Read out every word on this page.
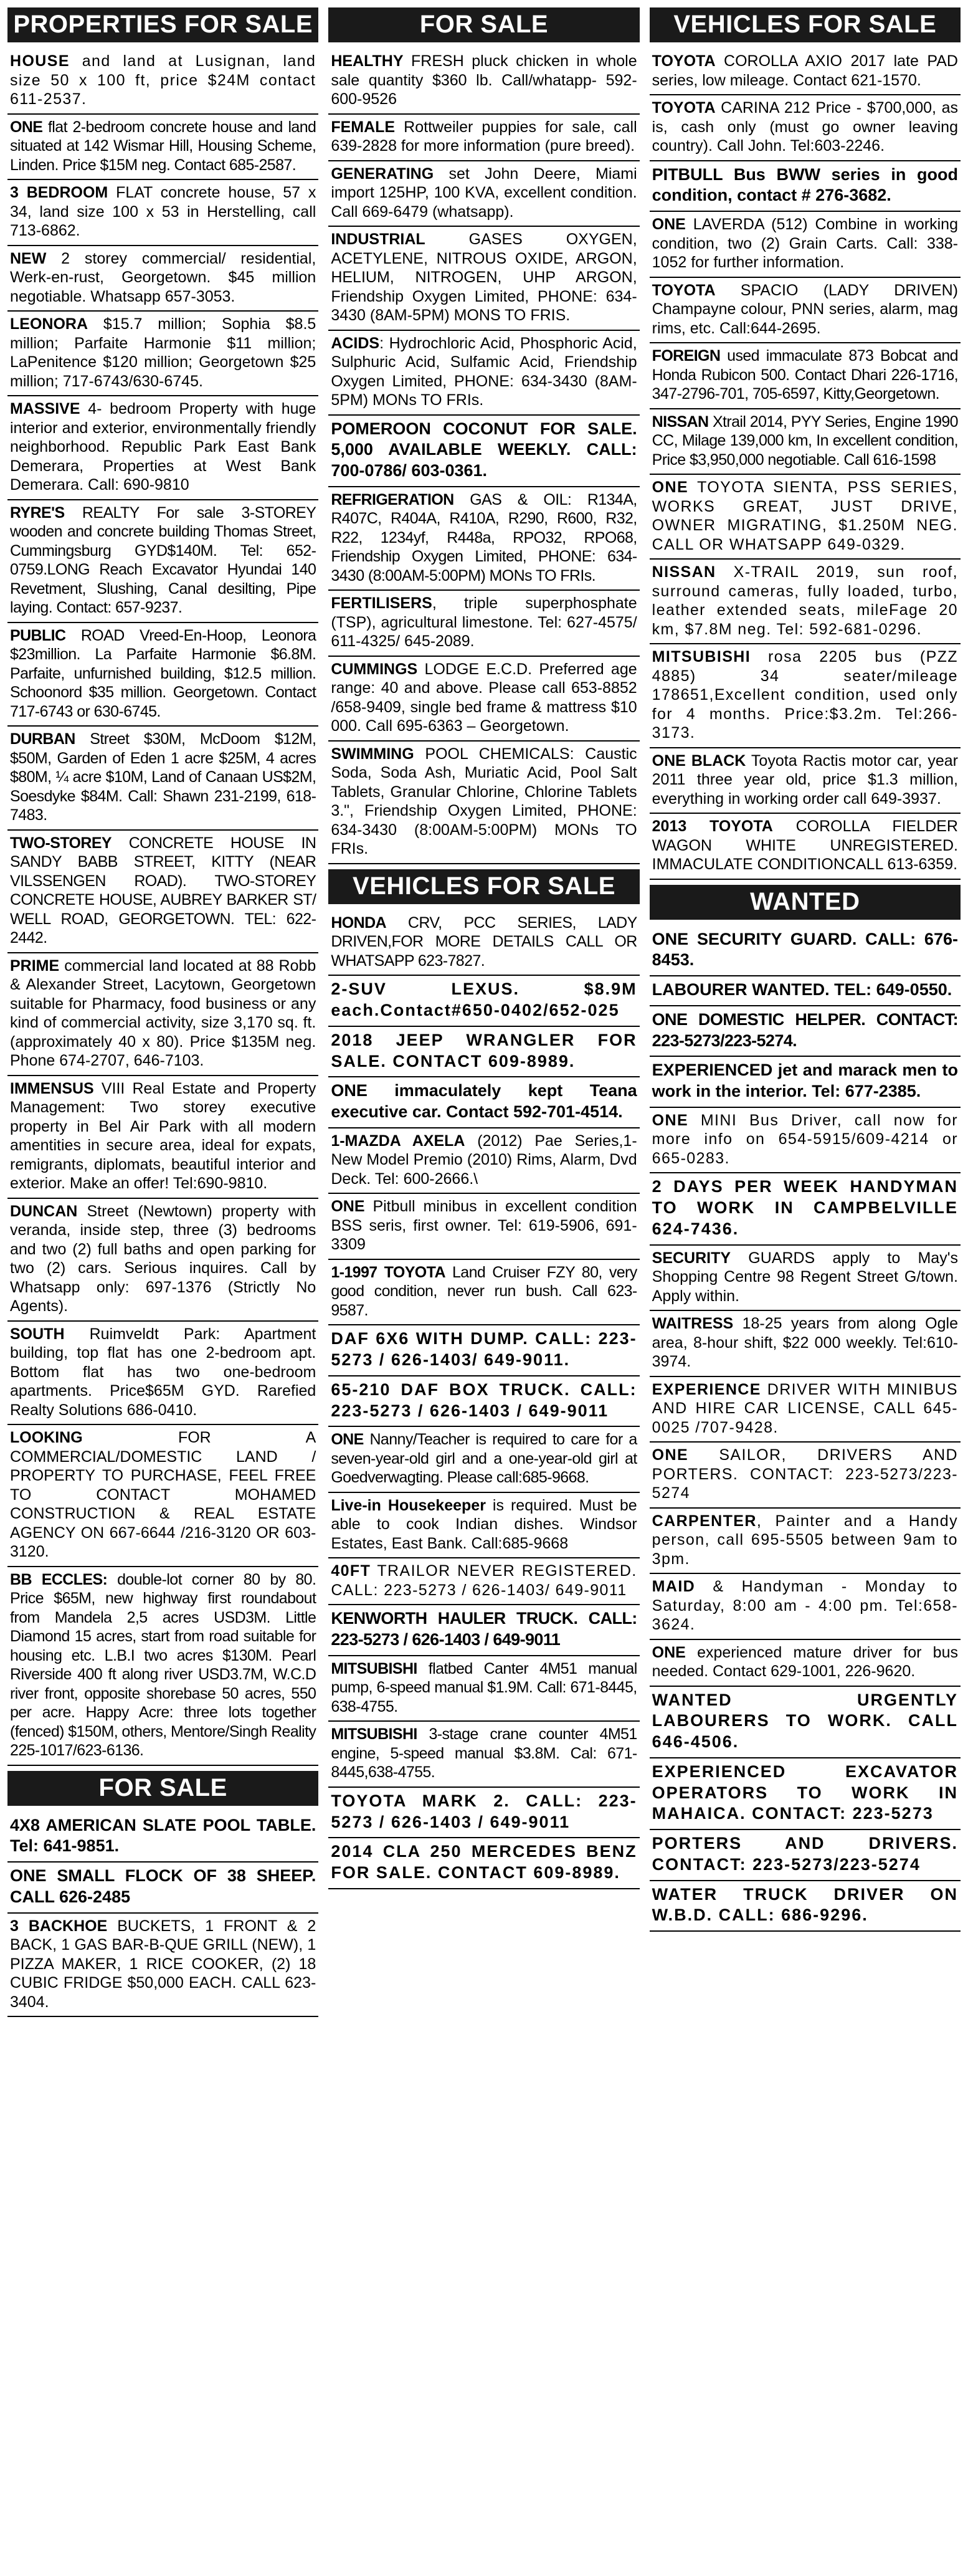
PROPERTIES FOR SALE
HOUSE and land at Lusignan, land size 50 x 100 ft, price $24M contact 611-2537.
ONE flat 2-bedroom concrete house and land situated at 142 Wismar Hill, Housing Scheme, Linden. Price $15M neg. Contact 685-2587.
3 BEDROOM FLAT concrete house, 57 x 34, land size 100 x 53 in Herstelling, call 713-6862.
NEW 2 storey commercial/ residential, Werk-en-rust, Georgetown. $45 million negotiable. Whatsapp 657-3053.
LEONORA $15.7 million; Sophia $8.5 million; Parfaite Harmonie $11 million; LaPenitence $120 million; Georgetown $25 million; 717-6743/630-6745.
MASSIVE 4- bedroom Property with huge interior and exterior, environmentally friendly neighborhood. Republic Park East Bank Demerara, Properties at West Bank Demerara. Call: 690-9810
RYRE'S REALTY For sale 3-STOREY wooden and concrete building Thomas Street, Cummingsburg GYD$140M. Tel: 652-0759.LONG Reach Excavator Hyundai 140 Revetment, Slushing, Canal desilting, Pipe laying. Contact: 657-9237.
PUBLIC ROAD Vreed-En-Hoop, Leonora $23million. La Parfaite Harmonie $6.8M. Parfaite, unfurnished building, $12.5 million. Schoonord $35 million. Georgetown. Contact 717-6743 or 630-6745.
DURBAN Street $30M, McDoom $12M, $50M, Garden of Eden 1 acre $25M, 4 acres $80M, ¼ acre $10M, Land of Canaan US$2M, Soesdyke $84M. Call: Shawn 231-2199, 618-7483.
TWO-STOREY CONCRETE HOUSE IN SANDY BABB STREET, KITTY (NEAR VILSSENGEN ROAD). TWO-STOREY CONCRETE HOUSE, AUBREY BARKER ST/ WELL ROAD, GEORGETOWN. TEL: 622-2442.
PRIME commercial land located at 88 Robb & Alexander Street, Lacytown, Georgetown suitable for Pharmacy, food business or any kind of commercial activity, size 3,170 sq. ft. (approximately 40 x 80). Price $135M neg. Phone 674-2707, 646-7103.
IMMENSUS VIII Real Estate and Property Management: Two storey executive property in Bel Air Park with all modern amentities in secure area, ideal for expats, remigrants, diplomats, beautiful interior and exterior. Make an offer! Tel:690-9810.
DUNCAN Street (Newtown) property with veranda, inside step, three (3) bedrooms and two (2) full baths and open parking for two (2) cars. Serious inquires. Call by Whatsapp only: 697-1376 (Strictly No Agents).
SOUTH Ruimveldt Park: Apartment building, top flat has one 2-bedroom apt. Bottom flat has two one-bedroom apartments. Price$65M GYD. Rarefied Realty Solutions 686-0410.
LOOKING FOR A COMMERCIAL/DOMESTIC LAND / PROPERTY TO PURCHASE, FEEL FREE TO CONTACT MOHAMED CONSTRUCTION & REAL ESTATE AGENCY ON 667-6644 /216-3120 OR 603-3120.
BB ECCLES: double-lot corner 80 by 80. Price $65M, new highway first roundabout from Mandela 2,5 acres USD3M. Little Diamond 15 acres, start from road suitable for housing etc. L.B.I two acres $130M. Pearl Riverside 400 ft along river USD3.7M, W.C.D river front, opposite shorebase 50 acres, 550 per acre. Happy Acre: three lots together (fenced) $150M, others, Mentore/Singh Reality 225-1017/623-6136.
FOR SALE
4X8 AMERICAN SLATE POOL TABLE. Tel: 641-9851.
ONE SMALL FLOCK OF 38 SHEEP. CALL 626-2485
3 BACKHOE BUCKETS, 1 FRONT & 2 BACK, 1 GAS BAR-B-QUE GRILL (NEW), 1 PIZZA MAKER, 1 RICE COOKER, (2) 18 CUBIC FRIDGE $50,000 EACH. CALL 623-3404.
FOR SALE
HEALTHY FRESH pluck chicken in whole sale quantity $360 lb. Call/whatapp- 592-600-9526
FEMALE Rottweiler puppies for sale, call 639-2828 for more information (pure breed).
GENERATING set John Deere, Miami import 125HP, 100 KVA, excellent condition. Call 669-6479 (whatsapp).
INDUSTRIAL GASES OXYGEN, ACETYLENE, NITROUS OXIDE, ARGON, HELIUM, NITROGEN, UHP ARGON, Friendship Oxygen Limited, PHONE: 634-3430 (8AM-5PM) MONS TO FRIS.
ACIDS: Hydrochloric Acid, Phosphoric Acid, Sulphuric Acid, Sulfamic Acid, Friendship Oxygen Limited, PHONE: 634-3430 (8AM-5PM) MONs TO FRIs.
POMEROON COCONUT FOR SALE. 5,000 AVAILABLE WEEKLY. CALL: 700-0786/ 603-0361.
REFRIGERATION GAS & OIL: R134A, R407C, R404A, R410A, R290, R600, R32, R22, 1234yf, R448a, RPO32, RPO68, Friendship Oxygen Limited, PHONE: 634-3430 (8:00AM-5:00PM) MONs TO FRIs.
FERTILISERS, triple superphosphate (TSP), agricultural limestone. Tel: 627-4575/ 611-4325/ 645-2089.
CUMMINGS LODGE E.C.D. Preferred age range: 40 and above. Please call 653-8852 /658-9409, single bed frame & mattress $10 000. Call 695-6363 – Georgetown.
SWIMMING POOL CHEMICALS: Caustic Soda, Soda Ash, Muriatic Acid, Pool Salt Tablets, Granular Chlorine, Chlorine Tablets 3.", Friendship Oxygen Limited, PHONE: 634-3430 (8:00AM-5:00PM) MONs TO FRIs.
VEHICLES FOR SALE
HONDA CRV, PCC SERIES, LADY DRIVEN,FOR MORE DETAILS CALL OR WHATSAPP 623-7827.
2-SUV LEXUS. $8.9M each.Contact#650-0402/652-025
2018 JEEP WRANGLER FOR SALE. CONTACT 609-8989.
ONE immaculately kept Teana executive car. Contact 592-701-4514.
1-MAZDA AXELA (2012) Pae Series,1- New Model Premio (2010) Rims, Alarm, Dvd Deck. Tel: 600-2666.\
ONE Pitbull minibus in excellent condition BSS seris, first owner. Tel: 619-5906, 691-3309
1-1997 TOYOTA Land Cruiser FZY 80, very good condition, never run bush. Call 623-9587.
DAF 6X6 WITH DUMP. CALL: 223-5273 / 626-1403/ 649-9011.
65-210 DAF BOX TRUCK. CALL: 223-5273 / 626-1403 / 649-9011
ONE Nanny/Teacher is required to care for a seven-year-old girl and a one-year-old girl at Goedverwagting. Please call:685-9668.
Live-in Housekeeper is required. Must be able to cook Indian dishes. Windsor Estates, East Bank. Call:685-9668
40FT TRAILOR NEVER REGISTERED. CALL: 223-5273 / 626-1403/ 649-9011
KENWORTH HAULER TRUCK. CALL: 223-5273 / 626-1403 / 649-9011
MITSUBISHI flatbed Canter 4M51 manual pump, 6-speed manual $1.9M. Call: 671-8445, 638-4755.
MITSUBISHI 3-stage crane counter 4M51 engine, 5-speed manual $3.8M. Cal: 671-8445,638-4755.
TOYOTA MARK 2. CALL: 223-5273 / 626-1403 / 649-9011
2014 CLA 250 MERCEDES BENZ FOR SALE. CONTACT 609-8989.
VEHICLES FOR SALE
TOYOTA COROLLA AXIO 2017 late PAD series, low mileage. Contact 621-1570.
TOYOTA CARINA 212 Price - $700,000, as is, cash only (must go owner leaving country). Call John. Tel:603-2246.
PITBULL Bus BWW series in good condition, contact # 276-3682.
ONE LAVERDA (512) Combine in working condition, two (2) Grain Carts. Call: 338-1052 for further information.
TOYOTA SPACIO (LADY DRIVEN) Champayne colour, PNN series, alarm, mag rims, etc. Call:644-2695.
FOREIGN used immaculate 873 Bobcat and Honda Rubicon 500. Contact Dhari 226-1716, 347-2796-701, 705-6597, Kitty,Georgetown.
NISSAN Xtrail 2014, PYY Series, Engine 1990 CC, Milage 139,000 km, In excellent condition, Price $3,950,000 negotiable. Call 616-1598
ONE TOYOTA SIENTA, PSS SERIES, WORKS GREAT, JUST DRIVE, OWNER MIGRATING, $1.250M NEG. CALL OR WHATSAPP 649-0329.
NISSAN X-TRAIL 2019, sun roof, surround cameras, fully loaded, turbo, leather extended seats, mileFage 20 km, $7.8M neg. Tel: 592-681-0296.
MITSUBISHI rosa 2205 bus (PZZ 4885) 34 seater/mileage 178651,Excellent condition, used only for 4 months. Price:$3.2m. Tel:266-3173.
ONE BLACK Toyota Ractis motor car, year 2011 three year old, price $1.3 million, everything in working order call 649-3937.
2013 TOYOTA COROLLA FIELDER WAGON WHITE UNREGISTERED. IMMACULATE CONDITIONCALL 613-6359.
WANTED
ONE SECURITY GUARD. CALL: 676-8453.
LABOURER WANTED. TEL: 649-0550.
ONE DOMESTIC HELPER. CONTACT: 223-5273/223-5274.
EXPERIENCED jet and marack men to work in the interior. Tel: 677-2385.
ONE MINI Bus Driver, call now for more info on 654-5915/609-4214 or 665-0283.
2 DAYS PER WEEK HANDYMAN TO WORK IN CAMPBELVILLE 624-7436.
SECURITY GUARDS apply to May's Shopping Centre 98 Regent Street G/town. Apply within.
WAITRESS 18-25 years from along Ogle area, 8-hour shift, $22 000 weekly. Tel:610-3974.
EXPERIENCE DRIVER WITH MINIBUS AND HIRE CAR LICENSE, CALL 645-0025 /707-9428.
ONE SAILOR, DRIVERS AND PORTERS. CONTACT: 223-5273/223-5274
CARPENTER, Painter and a Handy person, call 695-5505 between 9am to 3pm.
MAID & Handyman - Monday to Saturday, 8:00 am - 4:00 pm. Tel:658-3624.
ONE experienced mature driver for bus needed. Contact 629-1001, 226-9620.
WANTED URGENTLY LABOURERS TO WORK. CALL 646-4506.
EXPERIENCED EXCAVATOR OPERATORS TO WORK IN MAHAICA. CONTACT: 223-5273
PORTERS AND DRIVERS. CONTACT: 223-5273/223-5274
WATER TRUCK DRIVER ON W.B.D. CALL: 686-9296.
